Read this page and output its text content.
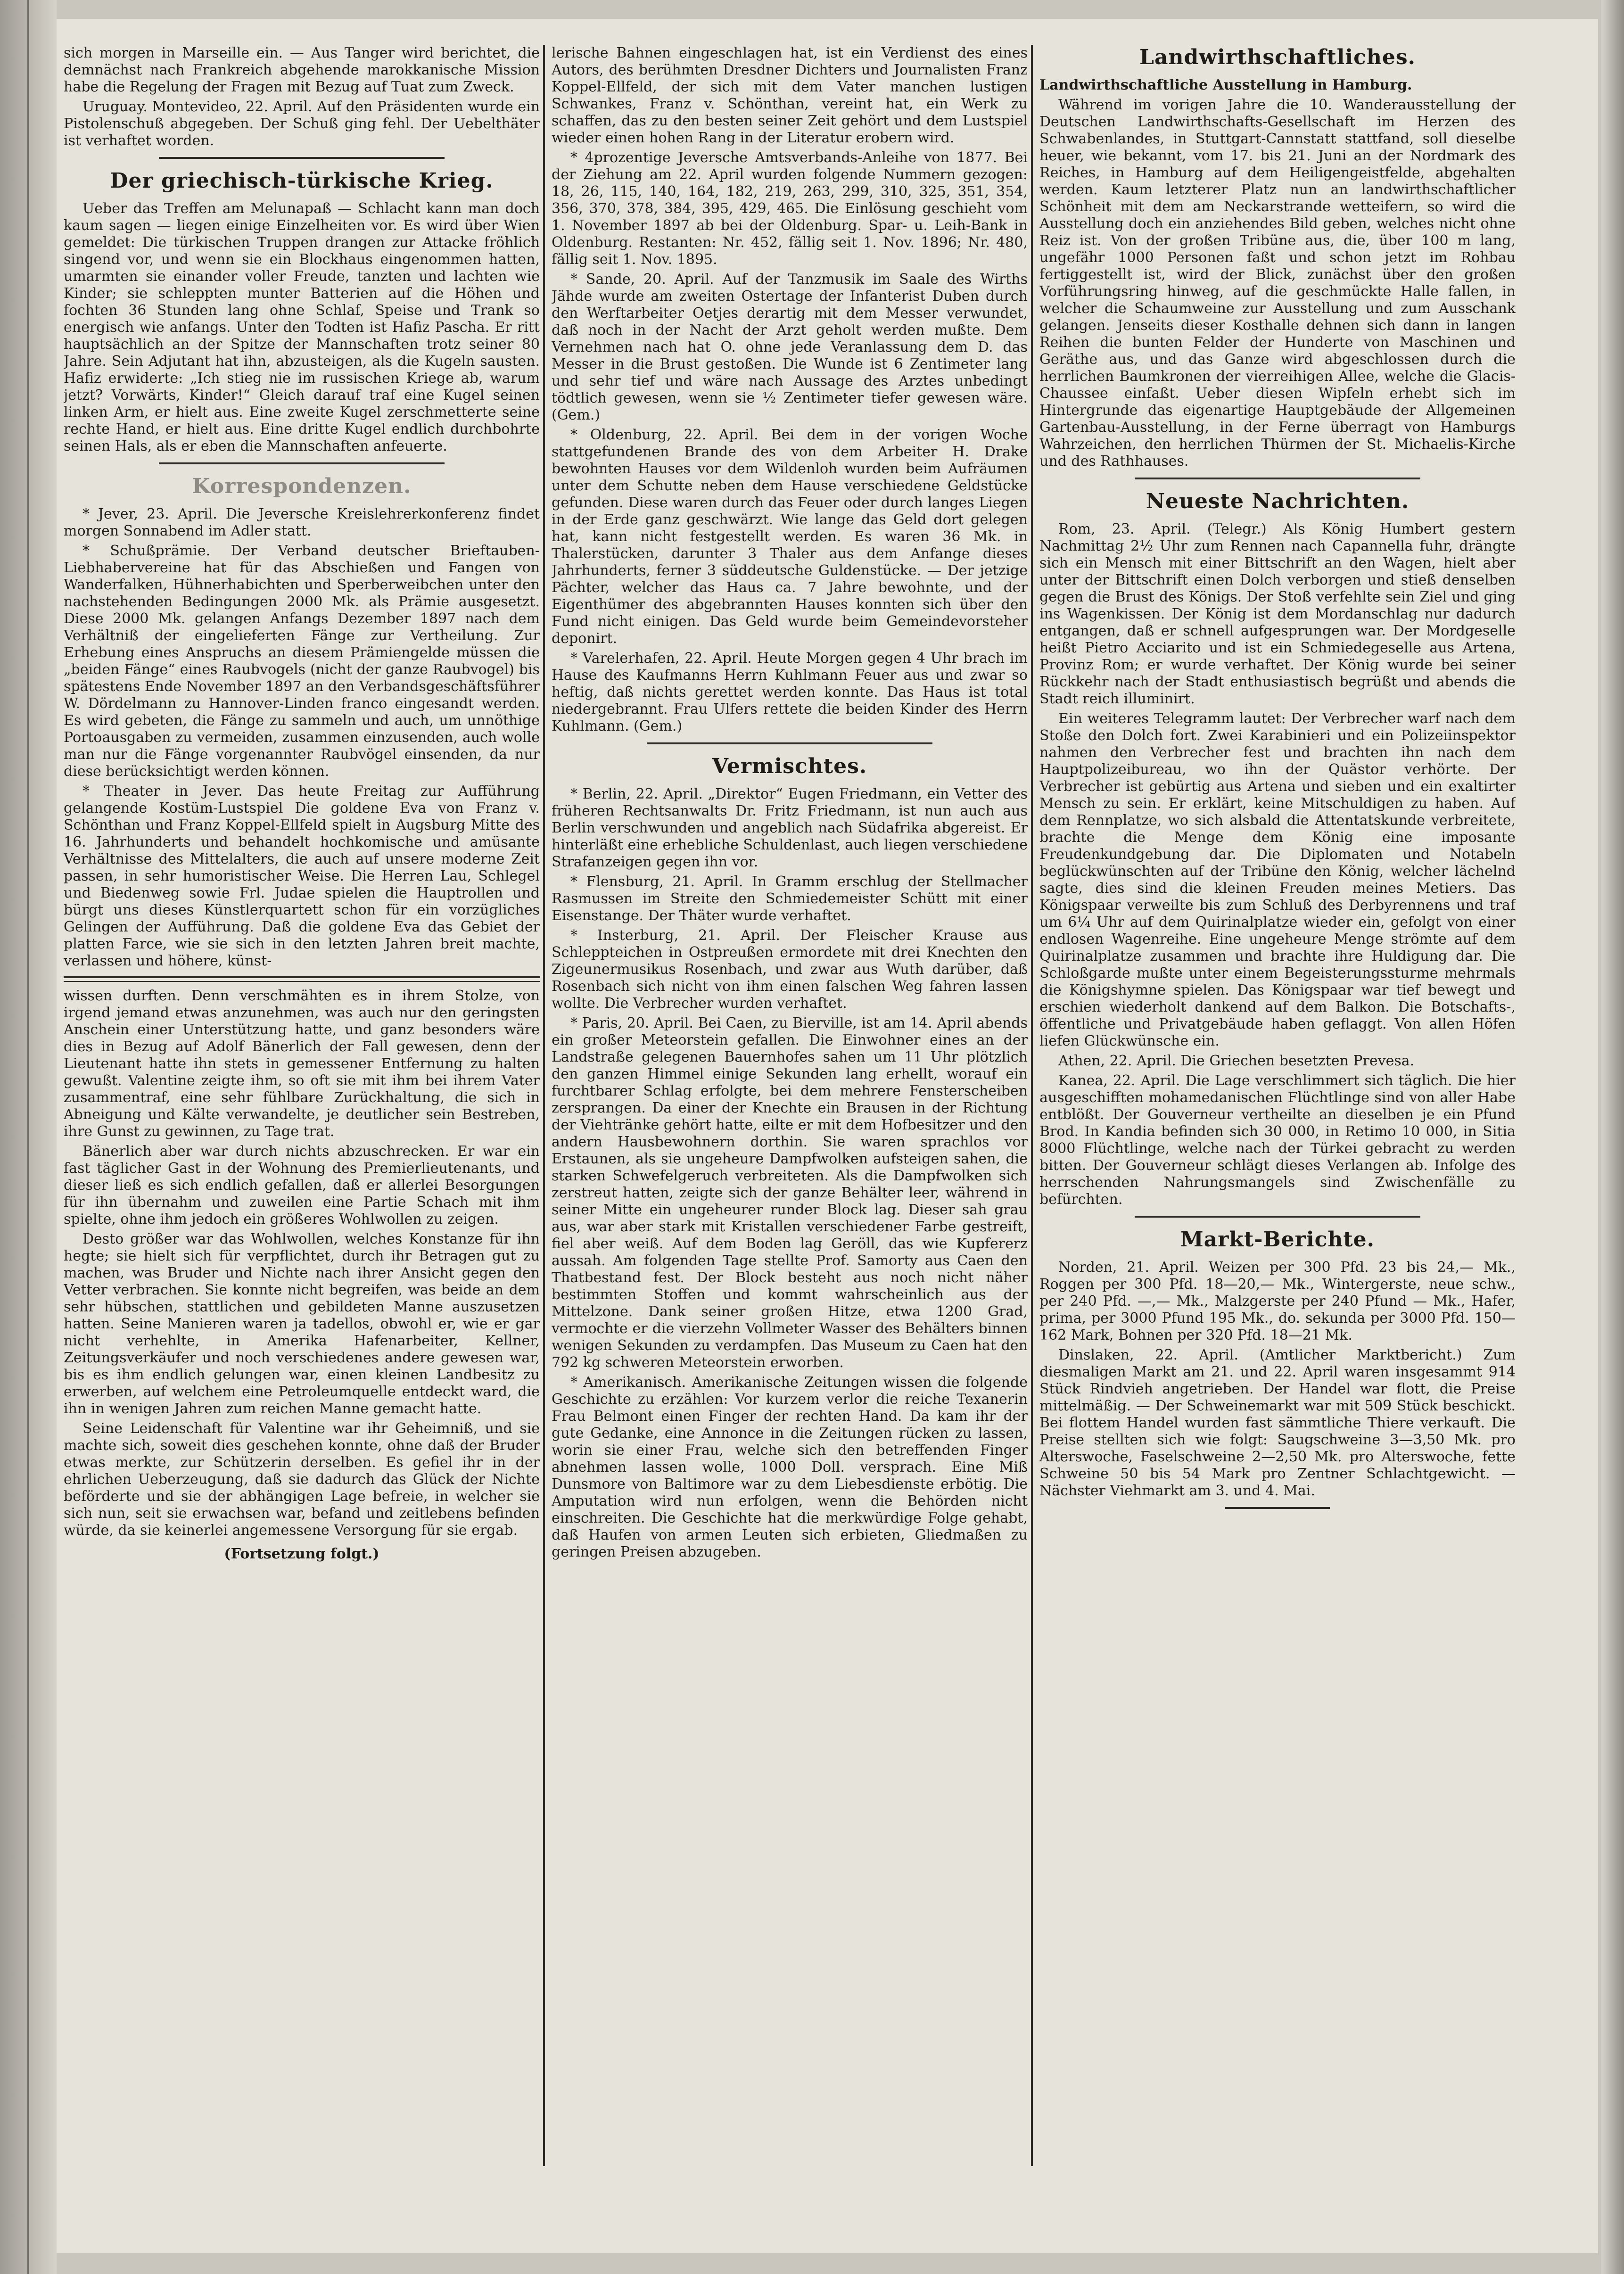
sich morgen in Marseille ein. — Aus Tanger wird berichtet, die demnächst nach Frankreich abgehende marokkanische Mission habe die Regelung der Fragen mit Bezug auf Tuat zum Zweck.

Uruguay. Montevideo, 22. April. Auf den Präsidenten wurde ein Pistolenschuß abgegeben. Der Schuß ging fehl. Der Uebelthäter ist verhaftet worden.

Der griechisch-türkische Krieg.

Ueber das Treffen am Melunapaß — Schlacht kann man doch kaum sagen — liegen einige Einzelheiten vor. Es wird über Wien gemeldet: Die türkischen Truppen drangen zur Attacke fröhlich singend vor, und wenn sie ein Blockhaus eingenommen hatten, umarmten sie einander voller Freude, tanzten und lachten wie Kinder; sie schleppten munter Batterien auf die Höhen und fochten 36 Stunden lang ohne Schlaf, Speise und Trank so energisch wie anfangs. Unter den Todten ist Hafiz Pascha. Er ritt hauptsächlich an der Spitze der Mannschaften trotz seiner 80 Jahre. Sein Adjutant hat ihn, abzusteigen, als die Kugeln sausten. Hafiz erwiderte: „Ich stieg nie im russischen Kriege ab, warum jetzt? Vorwärts, Kinder!“ Gleich darauf traf eine Kugel seinen linken Arm, er hielt aus. Eine zweite Kugel zerschmetterte seine rechte Hand, er hielt aus. Eine dritte Kugel endlich durchbohrte seinen Hals, als er eben die Mannschaften anfeuerte.

Korrespondenzen.

* Jever, 23. April. Die Jeversche Kreislehrerkonferenz findet morgen Sonnabend im Adler statt.

* Schußprämie. Der Verband deutscher Brieftauben-Liebhabervereine hat für das Abschießen und Fangen von Wanderfalken, Hühnerhabichten und Sperberweibchen unter den nachstehenden Bedingungen 2000 Mk. als Prämie ausgesetzt. Diese 2000 Mk. gelangen Anfangs Dezember 1897 nach dem Verhältniß der eingelieferten Fänge zur Vertheilung. Zur Erhebung eines Anspruchs an diesem Prämiengelde müssen die „beiden Fänge“ eines Raubvogels (nicht der ganze Raubvogel) bis spätestens Ende November 1897 an den Verbandsgeschäftsführer W. Dördelmann zu Hannover-Linden franco eingesandt werden. Es wird gebeten, die Fänge zu sammeln und auch, um unnöthige Portoausgaben zu vermeiden, zusammen einzusenden, auch wolle man nur die Fänge vorgenannter Raubvögel einsenden, da nur diese berücksichtigt werden können.

* Theater in Jever. Das heute Freitag zur Aufführung gelangende Kostüm-Lustspiel Die goldene Eva von Franz v. Schönthan und Franz Koppel-Ellfeld spielt in Augsburg Mitte des 16. Jahrhunderts und behandelt hochkomische und amüsante Verhältnisse des Mittelalters, die auch auf unsere moderne Zeit passen, in sehr humoristischer Weise. Die Herren Lau, Schlegel und Biedenweg sowie Frl. Judae spielen die Hauptrollen und bürgt uns dieses Künstlerquartett schon für ein vorzügliches Gelingen der Aufführung. Daß die goldene Eva das Gebiet der platten Farce, wie sie sich in den letzten Jahren breit machte, verlassen und höhere, künst-

wissen durften. Denn verschmähten es in ihrem Stolze, von irgend jemand etwas anzunehmen, was auch nur den geringsten Anschein einer Unterstützung hatte, und ganz besonders wäre dies in Bezug auf Adolf Bänerlich der Fall gewesen, denn der Lieutenant hatte ihn stets in gemessener Entfernung zu halten gewußt. Valentine zeigte ihm, so oft sie mit ihm bei ihrem Vater zusammentraf, eine sehr fühlbare Zurückhaltung, die sich in Abneigung und Kälte verwandelte, je deutlicher sein Bestreben, ihre Gunst zu gewinnen, zu Tage trat.

Bänerlich aber war durch nichts abzuschrecken. Er war ein fast täglicher Gast in der Wohnung des Premierlieutenants, und dieser ließ es sich endlich gefallen, daß er allerlei Besorgungen für ihn übernahm und zuweilen eine Partie Schach mit ihm spielte, ohne ihm jedoch ein größeres Wohlwollen zu zeigen.

Desto größer war das Wohlwollen, welches Konstanze für ihn hegte; sie hielt sich für verpflichtet, durch ihr Betragen gut zu machen, was Bruder und Nichte nach ihrer Ansicht gegen den Vetter verbrachen. Sie konnte nicht begreifen, was beide an dem sehr hübschen, stattlichen und gebildeten Manne auszusetzen hatten. Seine Manieren waren ja tadellos, obwohl er, wie er gar nicht verhehlte, in Amerika Hafenarbeiter, Kellner, Zeitungsverkäufer und noch verschiedenes andere gewesen war, bis es ihm endlich gelungen war, einen kleinen Landbesitz zu erwerben, auf welchem eine Petroleumquelle entdeckt ward, die ihn in wenigen Jahren zum reichen Manne gemacht hatte.

Seine Leidenschaft für Valentine war ihr Geheimniß, und sie machte sich, soweit dies geschehen konnte, ohne daß der Bruder etwas merkte, zur Schützerin derselben. Es gefiel ihr in der ehrlichen Ueberzeugung, daß sie dadurch das Glück der Nichte beförderte und sie der abhängigen Lage befreie, in welcher sie sich nun, seit sie erwachsen war, befand und zeitlebens befinden würde, da sie keinerlei angemessene Versorgung für sie ergab.

(Fortsetzung folgt.)

lerische Bahnen eingeschlagen hat, ist ein Verdienst des eines Autors, des berühmten Dresdner Dichters und Journalisten Franz Koppel-Ellfeld, der sich mit dem Vater manchen lustigen Schwankes, Franz v. Schönthan, vereint hat, ein Werk zu schaffen, das zu den besten seiner Zeit gehört und dem Lustspiel wieder einen hohen Rang in der Literatur erobern wird.

* 4prozentige Jeversche Amtsverbands-Anleihe von 1877. Bei der Ziehung am 22. April wurden folgende Nummern gezogen: 18, 26, 115, 140, 164, 182, 219, 263, 299, 310, 325, 351, 354, 356, 370, 378, 384, 395, 429, 465. Die Einlösung geschieht vom 1. November 1897 ab bei der Oldenburg. Spar- u. Leih-Bank in Oldenburg. Restanten: Nr. 452, fällig seit 1. Nov. 1896; Nr. 480, fällig seit 1. Nov. 1895.

* Sande, 20. April. Auf der Tanzmusik im Saale des Wirths Jähde wurde am zweiten Ostertage der Infanterist Duben durch den Werftarbeiter Oetjes derartig mit dem Messer verwundet, daß noch in der Nacht der Arzt geholt werden mußte. Dem Vernehmen nach hat O. ohne jede Veranlassung dem D. das Messer in die Brust gestoßen. Die Wunde ist 6 Zentimeter lang und sehr tief und wäre nach Aussage des Arztes unbedingt tödtlich gewesen, wenn sie ½ Zentimeter tiefer gewesen wäre. (Gem.)

* Oldenburg, 22. April. Bei dem in der vorigen Woche stattgefundenen Brande des von dem Arbeiter H. Drake bewohnten Hauses vor dem Wildenloh wurden beim Aufräumen unter dem Schutte neben dem Hause verschiedene Geldstücke gefunden. Diese waren durch das Feuer oder durch langes Liegen in der Erde ganz geschwärzt. Wie lange das Geld dort gelegen hat, kann nicht festgestellt werden. Es waren 36 Mk. in Thalerstücken, darunter 3 Thaler aus dem Anfange dieses Jahrhunderts, ferner 3 süddeutsche Guldenstücke. — Der jetzige Pächter, welcher das Haus ca. 7 Jahre bewohnte, und der Eigenthümer des abgebrannten Hauses konnten sich über den Fund nicht einigen. Das Geld wurde beim Gemeindevorsteher deponirt.

* Varelerhafen, 22. April. Heute Morgen gegen 4 Uhr brach im Hause des Kaufmanns Herrn Kuhlmann Feuer aus und zwar so heftig, daß nichts gerettet werden konnte. Das Haus ist total niedergebrannt. Frau Ulfers rettete die beiden Kinder des Herrn Kuhlmann. (Gem.)

Vermischtes.

* Berlin, 22. April. „Direktor“ Eugen Friedmann, ein Vetter des früheren Rechtsanwalts Dr. Fritz Friedmann, ist nun auch aus Berlin verschwunden und angeblich nach Südafrika abgereist. Er hinterläßt eine erhebliche Schuldenlast, auch liegen verschiedene Strafanzeigen gegen ihn vor.

* Flensburg, 21. April. In Gramm erschlug der Stellmacher Rasmussen im Streite den Schmiedemeister Schütt mit einer Eisenstange. Der Thäter wurde verhaftet.

* Insterburg, 21. April. Der Fleischer Krause aus Schleppteichen in Ostpreußen ermordete mit drei Knechten den Zigeunermusikus Rosenbach, und zwar aus Wuth darüber, daß Rosenbach sich nicht von ihm einen falschen Weg fahren lassen wollte. Die Verbrecher wurden verhaftet.

* Paris, 20. April. Bei Caen, zu Bierville, ist am 14. April abends ein großer Meteorstein gefallen. Die Einwohner eines an der Landstraße gelegenen Bauernhofes sahen um 11 Uhr plötzlich den ganzen Himmel einige Sekunden lang erhellt, worauf ein furchtbarer Schlag erfolgte, bei dem mehrere Fensterscheiben zersprangen. Da einer der Knechte ein Brausen in der Richtung der Viehtränke gehört hatte, eilte er mit dem Hofbesitzer und den andern Hausbewohnern dorthin. Sie waren sprachlos vor Erstaunen, als sie ungeheure Dampfwolken aufsteigen sahen, die starken Schwefelgeruch verbreiteten. Als die Dampfwolken sich zerstreut hatten, zeigte sich der ganze Behälter leer, während in seiner Mitte ein ungeheurer runder Block lag. Dieser sah grau aus, war aber stark mit Kristallen verschiedener Farbe gestreift, fiel aber weiß. Auf dem Boden lag Geröll, das wie Kupfererz aussah. Am folgenden Tage stellte Prof. Samorty aus Caen den Thatbestand fest. Der Block besteht aus noch nicht näher bestimmten Stoffen und kommt wahrscheinlich aus der Mittelzone. Dank seiner großen Hitze, etwa 1200 Grad, vermochte er die vierzehn Vollmeter Wasser des Behälters binnen wenigen Sekunden zu verdampfen. Das Museum zu Caen hat den 792 kg schweren Meteorstein erworben.

* Amerikanisch. Amerikanische Zeitungen wissen die folgende Geschichte zu erzählen: Vor kurzem verlor die reiche Texanerin Frau Belmont einen Finger der rechten Hand. Da kam ihr der gute Gedanke, eine Annonce in die Zeitungen rücken zu lassen, worin sie einer Frau, welche sich den betreffenden Finger abnehmen lassen wolle, 1000 Doll. versprach. Eine Miß Dunsmore von Baltimore war zu dem Liebesdienste erbötig. Die Amputation wird nun erfolgen, wenn die Behörden nicht einschreiten. Die Geschichte hat die merkwürdige Folge gehabt, daß Haufen von armen Leuten sich erbieten, Gliedmaßen zu geringen Preisen abzugeben.

Landwirthschaftliches.
Landwirthschaftliche Ausstellung in Hamburg.

Während im vorigen Jahre die 10. Wanderausstellung der Deutschen Landwirthschafts-Gesellschaft im Herzen des Schwabenlandes, in Stuttgart-Cannstatt stattfand, soll dieselbe heuer, wie bekannt, vom 17. bis 21. Juni an der Nordmark des Reiches, in Hamburg auf dem Heiligengeistfelde, abgehalten werden. Kaum letzterer Platz nun an landwirthschaftlicher Schönheit mit dem am Neckarstrande wetteifern, so wird die Ausstellung doch ein anziehendes Bild geben, welches nicht ohne Reiz ist. Von der großen Tribüne aus, die, über 100 m lang, ungefähr 1000 Personen faßt und schon jetzt im Rohbau fertiggestellt ist, wird der Blick, zunächst über den großen Vorführungsring hinweg, auf die geschmückte Halle fallen, in welcher die Schaumweine zur Ausstellung und zum Ausschank gelangen. Jenseits dieser Kosthalle dehnen sich dann in langen Reihen die bunten Felder der Hunderte von Maschinen und Geräthe aus, und das Ganze wird abgeschlossen durch die herrlichen Baumkronen der vierreihigen Allee, welche die Glacis-Chaussee einfaßt. Ueber diesen Wipfeln erhebt sich im Hintergrunde das eigenartige Hauptgebäude der Allgemeinen Gartenbau-Ausstellung, in der Ferne überragt von Hamburgs Wahrzeichen, den herrlichen Thürmen der St. Michaelis-Kirche und des Rathhauses.

Neueste Nachrichten.

Rom, 23. April. (Telegr.) Als König Humbert gestern Nachmittag 2½ Uhr zum Rennen nach Capannella fuhr, drängte sich ein Mensch mit einer Bittschrift an den Wagen, hielt aber unter der Bittschrift einen Dolch verborgen und stieß denselben gegen die Brust des Königs. Der Stoß verfehlte sein Ziel und ging ins Wagenkissen. Der König ist dem Mordanschlag nur dadurch entgangen, daß er schnell aufgesprungen war. Der Mordgeselle heißt Pietro Acciarito und ist ein Schmiedegeselle aus Artena, Provinz Rom; er wurde verhaftet. Der König wurde bei seiner Rückkehr nach der Stadt enthusiastisch begrüßt und abends die Stadt reich illuminirt.

Ein weiteres Telegramm lautet: Der Verbrecher warf nach dem Stoße den Dolch fort. Zwei Karabinieri und ein Polizeiinspektor nahmen den Verbrecher fest und brachten ihn nach dem Hauptpolizeibureau, wo ihn der Quästor verhörte. Der Verbrecher ist gebürtig aus Artena und sieben und ein exaltirter Mensch zu sein. Er erklärt, keine Mitschuldigen zu haben. Auf dem Rennplatze, wo sich alsbald die Attentatskunde verbreitete, brachte die Menge dem König eine imposante Freudenkundgebung dar. Die Diplomaten und Notabeln beglückwünschten auf der Tribüne den König, welcher lächelnd sagte, dies sind die kleinen Freuden meines Metiers. Das Königspaar verweilte bis zum Schluß des Derbyrennens und traf um 6¼ Uhr auf dem Quirinalplatze wieder ein, gefolgt von einer endlosen Wagenreihe. Eine ungeheure Menge strömte auf dem Quirinalplatze zusammen und brachte ihre Huldigung dar. Die Schloßgarde mußte unter einem Begeisterungssturme mehrmals die Königshymne spielen. Das Königspaar war tief bewegt und erschien wiederholt dankend auf dem Balkon. Die Botschafts-, öffentliche und Privatgebäude haben geflaggt. Von allen Höfen liefen Glückwünsche ein.

Athen, 22. April. Die Griechen besetzten Prevesa.

Kanea, 22. April. Die Lage verschlimmert sich täglich. Die hier ausgeschifften mohamedanischen Flüchtlinge sind von aller Habe entblößt. Der Gouverneur vertheilte an dieselben je ein Pfund Brod. In Kandia befinden sich 30 000, in Retimo 10 000, in Sitia 8000 Flüchtlinge, welche nach der Türkei gebracht zu werden bitten. Der Gouverneur schlägt dieses Verlangen ab. Infolge des herrschenden Nahrungsmangels sind Zwischenfälle zu befürchten.

Markt-Berichte.

Norden, 21. April. Weizen per 300 Pfd. 23 bis 24,— Mk., Roggen per 300 Pfd. 18—20,— Mk., Wintergerste, neue schw., per 240 Pfd. —,— Mk., Malzgerste per 240 Pfund — Mk., Hafer, prima, per 3000 Pfund 195 Mk., do. sekunda per 3000 Pfd. 150—162 Mark, Bohnen per 320 Pfd. 18—21 Mk.

Dinslaken, 22. April. (Amtlicher Marktbericht.) Zum diesmaligen Markt am 21. und 22. April waren insgesammt 914 Stück Rindvieh angetrieben. Der Handel war flott, die Preise mittelmäßig. — Der Schweinemarkt war mit 509 Stück beschickt. Bei flottem Handel wurden fast sämmtliche Thiere verkauft. Die Preise stellten sich wie folgt: Saugschweine 3—3,50 Mk. pro Alterswoche, Faselschweine 2—2,50 Mk. pro Alterswoche, fette Schweine 50 bis 54 Mark pro Zentner Schlachtgewicht. — Nächster Viehmarkt am 3. und 4. Mai.
